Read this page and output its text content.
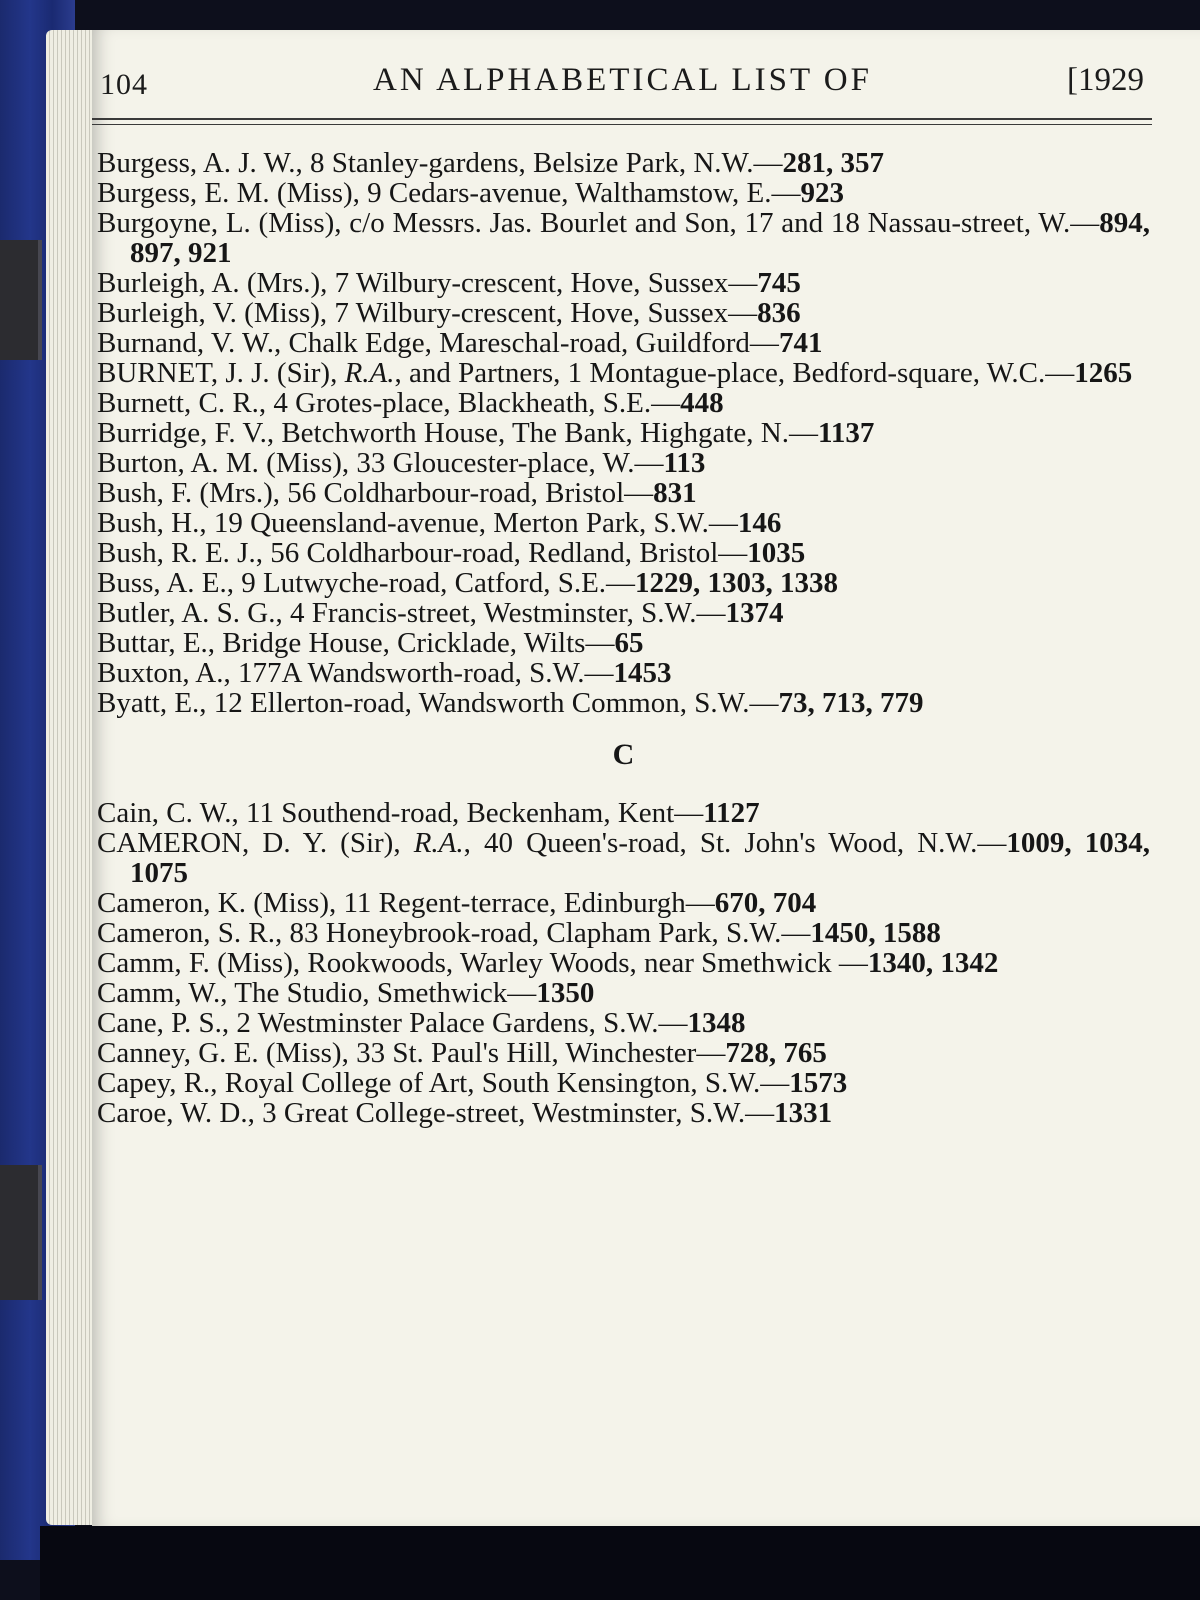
104	AN ALPHABETICAL LIST OF	[1929
Burgess, A. J. W., 8 Stanley-gardens, Belsize Park, N.W.—281, 357
Burgess, E. M. (Miss), 9 Cedars-avenue, Walthamstow, E.—923
Burgoyne, L. (Miss), c/o Messrs. Jas. Bourlet and Son, 17 and 18 Nassau-street, W.—894, 897, 921
Burleigh, A. (Mrs.), 7 Wilbury-crescent, Hove, Sussex—745
Burleigh, V. (Miss), 7 Wilbury-crescent, Hove, Sussex—836
Burnand, V. W., Chalk Edge, Mareschal-road, Guildford—741
BURNET, J. J. (Sir), R.A., and Partners, 1 Montague-place, Bedford-square, W.C.—1265
Burnett, C. R., 4 Grotes-place, Blackheath, S.E.—448
Burridge, F. V., Betchworth House, The Bank, Highgate, N.—1137
Burton, A. M. (Miss), 33 Gloucester-place, W.—113
Bush, F. (Mrs.), 56 Coldharbour-road, Bristol—831
Bush, H., 19 Queensland-avenue, Merton Park, S.W.—146
Bush, R. E. J., 56 Coldharbour-road, Redland, Bristol—1035
Buss, A. E., 9 Lutwyche-road, Catford, S.E.—1229, 1303, 1338
Butler, A. S. G., 4 Francis-street, Westminster, S.W.—1374
Buttar, E., Bridge House, Cricklade, Wilts—65
Buxton, A., 177A Wandsworth-road, S.W.—1453
Byatt, E., 12 Ellerton-road, Wandsworth Common, S.W.—73, 713, 779
C
Cain, C. W., 11 Southend-road, Beckenham, Kent—1127
CAMERON, D. Y. (Sir), R.A., 40 Queen's-road, St. John's Wood, N.W.—1009, 1034, 1075
Cameron, K. (Miss), 11 Regent-terrace, Edinburgh—670, 704
Cameron, S. R., 83 Honeybrook-road, Clapham Park, S.W.—1450, 1588
Camm, F. (Miss), Rookwoods, Warley Woods, near Smethwick —1340, 1342
Camm, W., The Studio, Smethwick—1350
Cane, P. S., 2 Westminster Palace Gardens, S.W.—1348
Canney, G. E. (Miss), 33 St. Paul's Hill, Winchester—728, 765
Capey, R., Royal College of Art, South Kensington, S.W.—1573
Caroe, W. D., 3 Great College-street, Westminster, S.W.—1331
